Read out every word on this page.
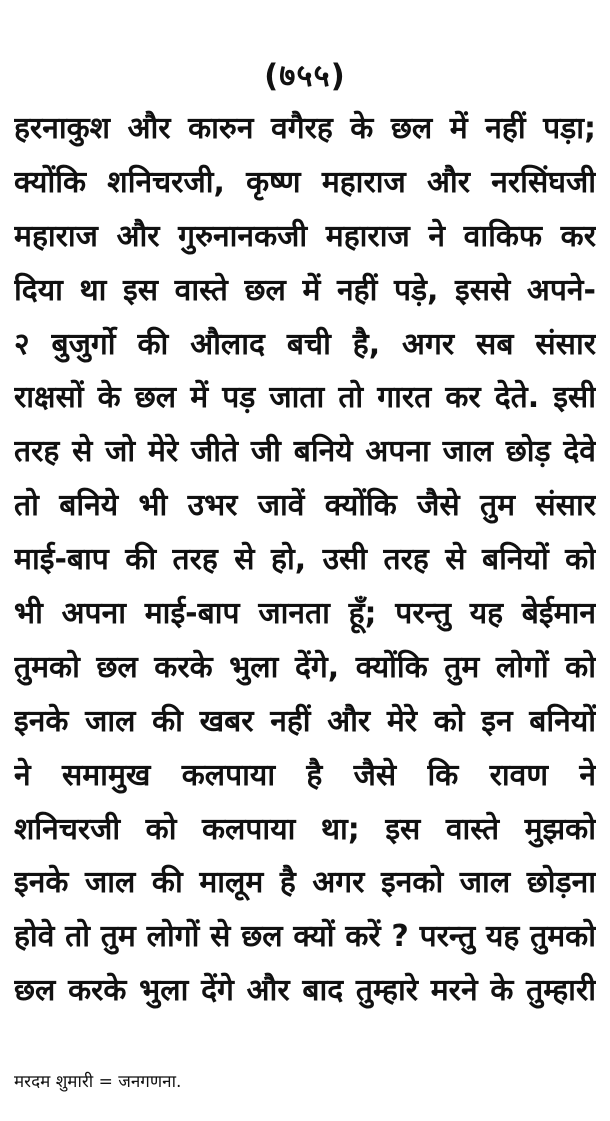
(७५५)
हरनाकुश और कारुन वगैरह के छल में नहीं पड़ा;
क्योंकि शनिचरजी, कृष्ण महाराज और नरसिंघजी
महाराज और गुरुनानकजी महाराज ने वाकिफ कर
दिया था इस वास्ते छल में नहीं पड़े, इससे अपने-
२ बुजुर्गो की औलाद बची है, अगर सब संसार
राक्षसों के छल में पड़ जाता तो गारत कर देते. इसी
तरह से जो मेरे जीते जी बनिये अपना जाल छोड़ देवे
तो बनिये भी उभर जावें क्योंकि जैसे तुम संसार
माई-बाप की तरह से हो, उसी तरह से बनियों को
भी अपना माई-बाप जानता हूँ; परन्तु यह बेईमान
तुमको छल करके भुला देंगे, क्योंकि तुम लोगों को
इनके जाल की खबर नहीं और मेरे को इन बनियों
ने समामुख कलपाया है जैसे कि रावण ने
शनिचरजी को कलपाया था; इस वास्ते मुझको
इनके जाल की मालूम है अगर इनको जाल छोड़ना
होवे तो तुम लोगों से छल क्यों करें ? परन्तु यह तुमको
छल करके भुला देंगे और बाद तुम्हारे मरने के तुम्हारी
मरदम शुमारी = जनगणना.
